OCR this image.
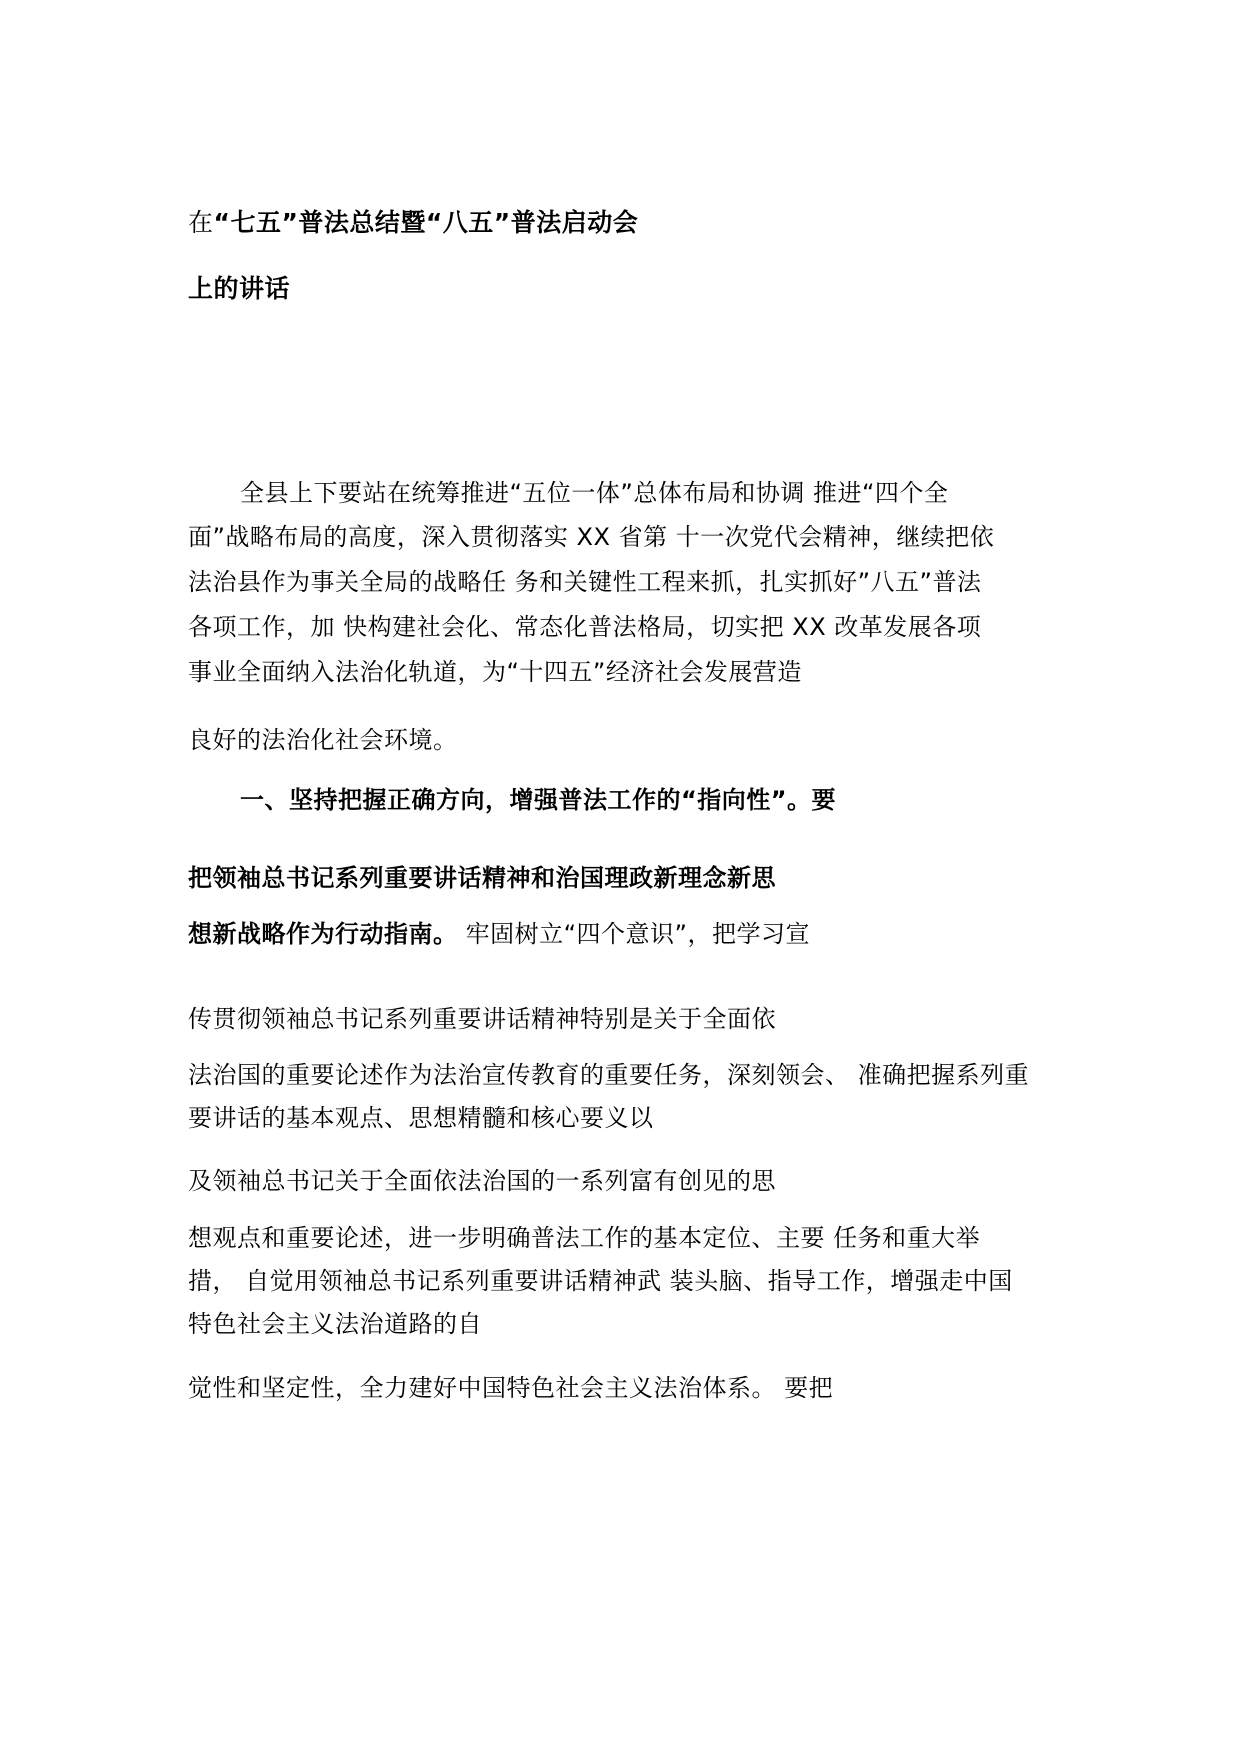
在“七五”普法总结暨“八五”普法启动会
上的讲话
全县上下要站在统筹推进“五位一体”总体布局和协调 推进“四个全
面”战略布局的高度，深入贯彻落实 XX 省第 十一次党代会精神，继续把依
法治县作为事关全局的战略任 务和关键性工程来抓，扎实抓好”八五”普法
各项工作，加 快构建社会化、常态化普法格局，切实把 XX 改革发展各项
事业全面纳入法治化轨道，为“十四五”经济社会发展营造
良好的法治化社会环境。
一、坚持把握正确方向，增强普法工作的“指向性”。要
把领袖总书记系列重要讲话精神和治国理政新理念新思
想新战略作为行动指南。 牢固树立“四个意识”，把学习宣
传贯彻领袖总书记系列重要讲话精神特别是关于全面依
法治国的重要论述作为法治宣传教育的重要任务，深刻领会、 准确把握系列重
要讲话的基本观点、思想精髓和核心要义以
及领袖总书记关于全面依法治国的一系列富有创见的思
想观点和重要论述，进一步明确普法工作的基本定位、主要 任务和重大举
措， 自觉用领袖总书记系列重要讲话精神武 装头脑、指导工作，增强走中国
特色社会主义法治道路的自
觉性和坚定性，全力建好中国特色社会主义法治体系。 要把
